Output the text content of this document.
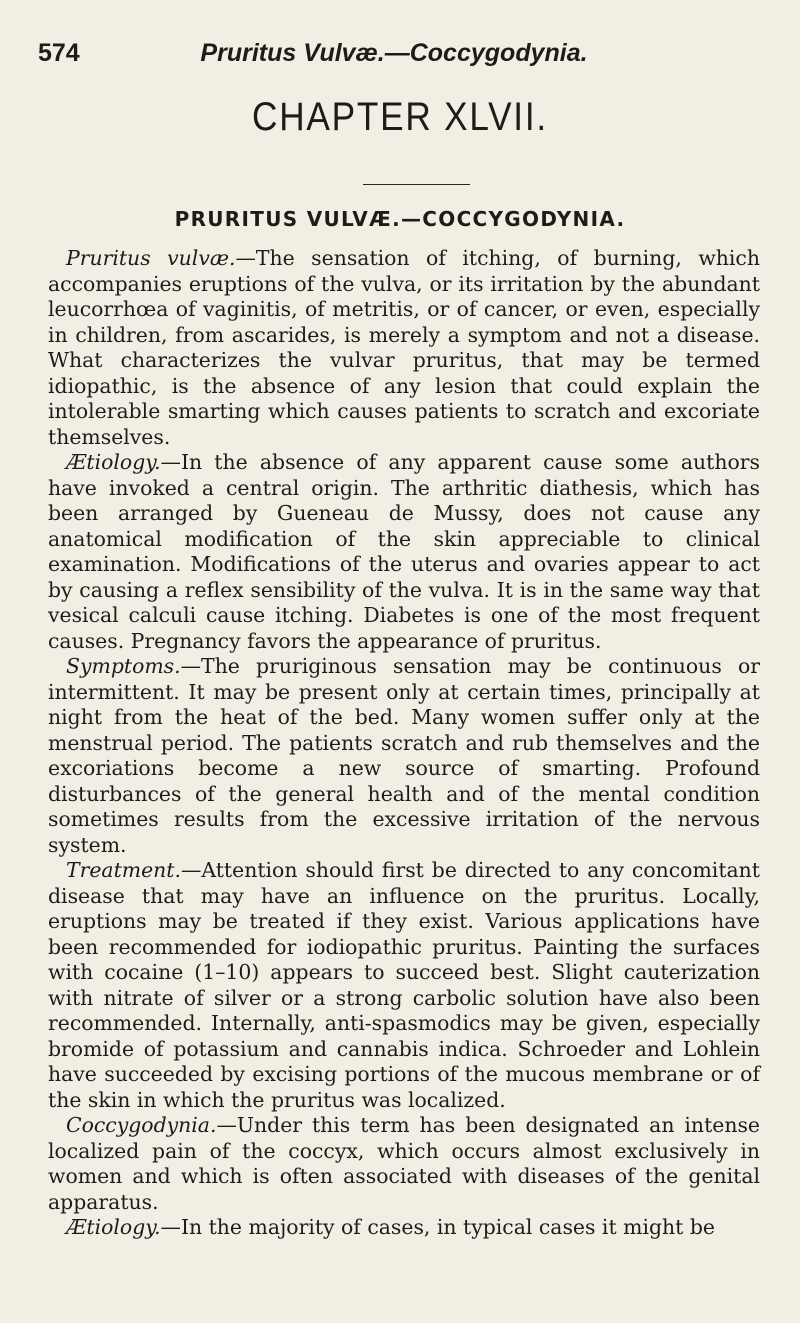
574	Pruritus Vulvæ.—Coccygodynia.
CHAPTER XLVII.
PRURITUS VULVÆ.—COCCYGODYNIA.

Pruritus vulvæ.—The sensation of itching, of burning, which accompanies eruptions of the vulva, or its irritation by the abundant leucorrhœa of vaginitis, of metritis, or of cancer, or even, especially in children, from ascarides, is merely a symptom and not a disease. What characterizes the vulvar pruritus, that may be termed idiopathic, is the absence of any lesion that could explain the intolerable smarting which causes patients to scratch and excoriate themselves.

Ætiology.—In the absence of any apparent cause some authors have invoked a central origin. The arthritic diathesis, which has been arranged by Gueneau de Mussy, does not cause any anatomical modification of the skin appreciable to clinical examination. Modifications of the uterus and ovaries appear to act by causing a reflex sensibility of the vulva. It is in the same way that vesical calculi cause itching. Diabetes is one of the most frequent causes. Pregnancy favors the appearance of pruritus.

Symptoms.—The pruriginous sensation may be continuous or intermittent. It may be present only at certain times, principally at night from the heat of the bed. Many women suffer only at the menstrual period. The patients scratch and rub themselves and the excoriations become a new source of smarting. Profound disturbances of the general health and of the mental condition sometimes results from the excessive irritation of the nervous system.

Treatment.—Attention should first be directed to any concomitant disease that may have an influence on the pruritus. Locally, eruptions may be treated if they exist. Various applications have been recommended for iodiopathic pruritus. Painting the surfaces with cocaine (1–10) appears to succeed best. Slight cauterization with nitrate of silver or a strong carbolic solution have also been recommended. Internally, anti-spasmodics may be given, especially bromide of potassium and cannabis indica. Schroeder and Lohlein have succeeded by excising portions of the mucous membrane or of the skin in which the pruritus was localized.

Coccygodynia.—Under this term has been designated an intense localized pain of the coccyx, which occurs almost exclusively in women and which is often associated with diseases of the genital apparatus.

Ætiology.—In the majority of cases, in typical cases it might be
